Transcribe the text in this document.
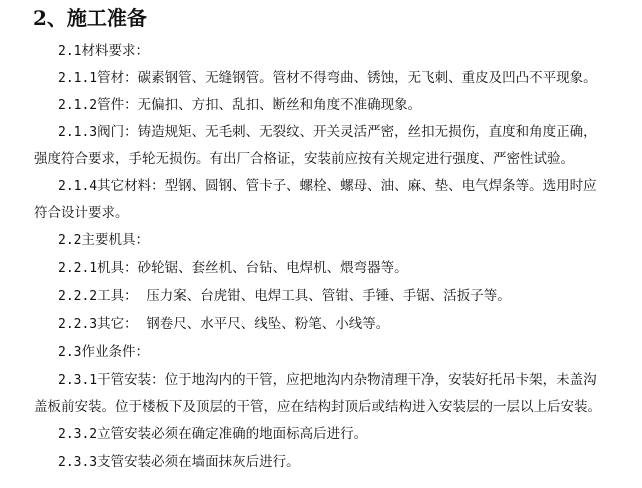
2、施工准备
2.1材料要求：
2.1.1管材：碳素钢管、无缝钢管。管材不得弯曲、锈蚀，无飞刺、重皮及凹凸不平现象。
2.1.2管件：无偏扣、方扣、乱扣、断丝和角度不准确现象。
2.1.3阀门：铸造规矩、无毛刺、无裂纹、开关灵活严密，丝扣无损伤，直度和角度正确，
强度符合要求，手轮无损伤。有出厂合格证，安装前应按有关规定进行强度、严密性试验。
2.1.4其它材料：型钢、圆钢、管卡子、螺栓、螺母、油、麻、垫、电气焊条等。选用时应
符合设计要求。
2.2主要机具：
2.2.1机具：砂轮锯、套丝机、台钻、电焊机、煨弯器等。
2.2.2工具：  压力案、台虎钳、电焊工具、管钳、手锤、手锯、活扳子等。
2.2.3其它：  钢卷尺、水平尺、线坠、粉笔、小线等。
2.3作业条件：
2.3.1干管安装：位于地沟内的干管，应把地沟内杂物清理干净，安装好托吊卡架，未盖沟
盖板前安装。位于楼板下及顶层的干管，应在结构封顶后或结构进入安装层的一层以上后安装。
2.3.2立管安装必须在确定准确的地面标高后进行。
2.3.3支管安装必须在墙面抹灰后进行。
